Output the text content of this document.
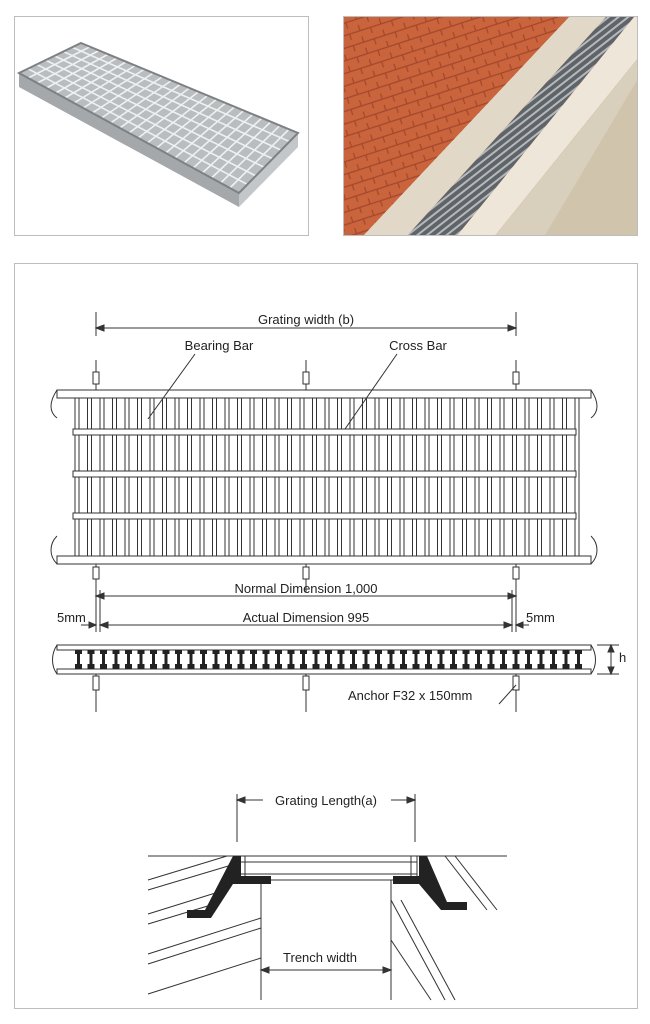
Grating width (b)
Bearing Bar	Cross Bar
Normal Dimension 1,000
Actual Dimension 995
5mm	5mm
h
Anchor F32 x 150mm
Grating Length(a)
Trench width
